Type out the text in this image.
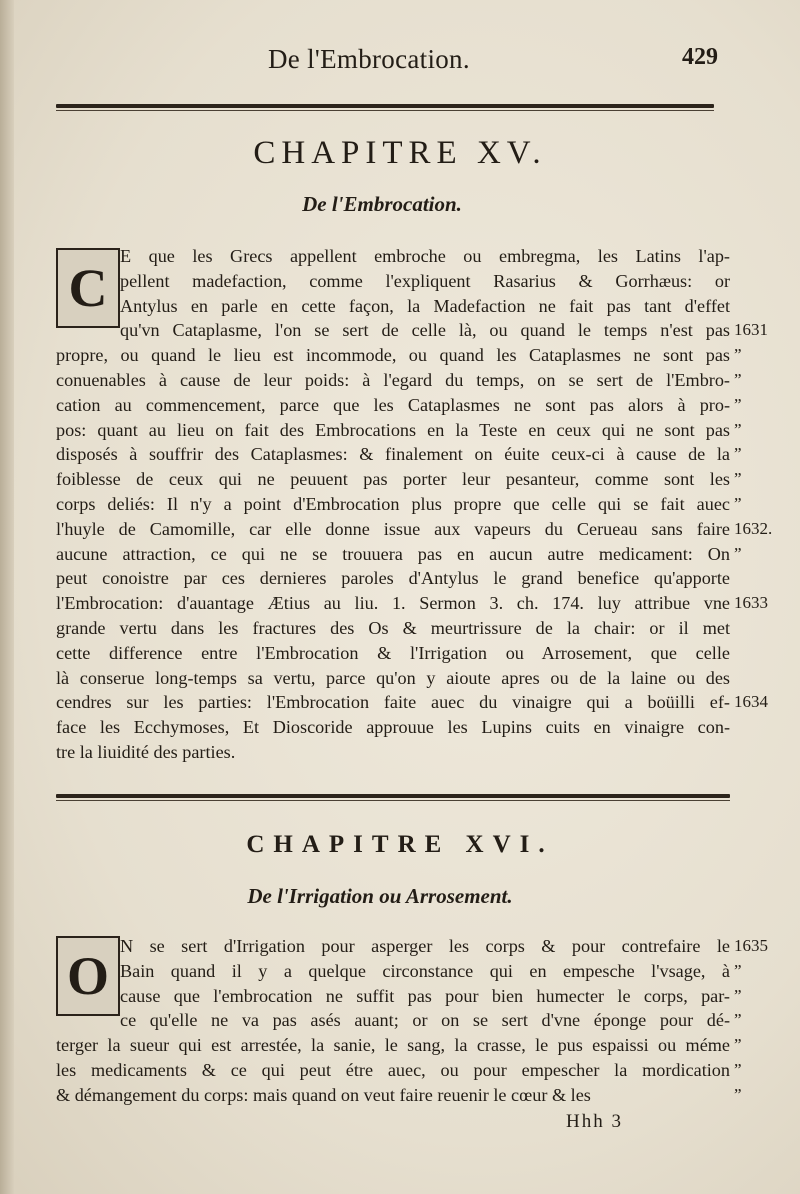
De l'Embrocation.	429
CHAPITRE XV.
De l'Embrocation.
C
E que les Grecs appellent embroche ou embregma, les Latins l'ap-
pellent madefaction, comme l'expliquent Rasarius & Gorrhæus: or
Antylus en parle en cette façon, la Madefaction ne fait pas tant d'effet
qu'vn Cataplasme, l'on se sert de celle là, ou quand le temps n'est pas
propre, ou quand le lieu est incommode, ou quand les Cataplasmes ne sont pas
conuenables à cause de leur poids: à l'egard du temps, on se sert de l'Embro-
cation au commencement, parce que les Cataplasmes ne sont pas alors à pro-
pos: quant au lieu on fait des Embrocations en la Teste en ceux qui ne sont pas
disposés à souffrir des Cataplasmes: & finalement on éuite ceux-ci à cause de la
foiblesse de ceux qui ne peuuent pas porter leur pesanteur, comme sont les
corps deliés: Il n'y a point d'Embrocation plus propre que celle qui se fait auec
l'huyle de Camomille, car elle donne issue aux vapeurs du Cerueau sans faire
aucune attraction, ce qui ne se trouuera pas en aucun autre medicament: On
peut conoistre par ces dernieres paroles d'Antylus le grand benefice qu'apporte
l'Embrocation: d'auantage Ætius au liu. 1. Sermon 3. ch. 174. luy attribue vne
grande vertu dans les fractures des Os & meurtrissure de la chair: or il met
cette difference entre l'Embrocation & l'Irrigation ou Arrosement, que celle
là conserue long-temps sa vertu, parce qu'on y aioute apres ou de la laine ou des
cendres sur les parties: l'Embrocation faite auec du vinaigre qui a boüilli ef-
face les Ecchymoses, Et Dioscoride approuue les Lupins cuits en vinaigre con-
tre la liuidité des parties.
1631
”
”
”
”
”
”
”
1632.
”
1633
1634
CHAPITRE XVI.
De l'Irrigation ou Arrosement.
O N se sert d'Irrigation pour asperger les corps & pour contrefaire le
Bain quand il y a quelque circonstance qui en empesche l'vsage, à
cause que l'embrocation ne suffit pas pour bien humecter le corps, par-
ce qu'elle ne va pas asés auant; or on se sert d'vne éponge pour dé-
terger la sueur qui est arrestée, la sanie, le sang, la crasse, le pus espaissi ou méme
les medicaments & ce qui peut étre auec, ou pour empescher la mordication
& démangement du corps: mais quand on veut faire reuenir le cœur & les
1635
”
”
”
”
”
”
Hhh 3
